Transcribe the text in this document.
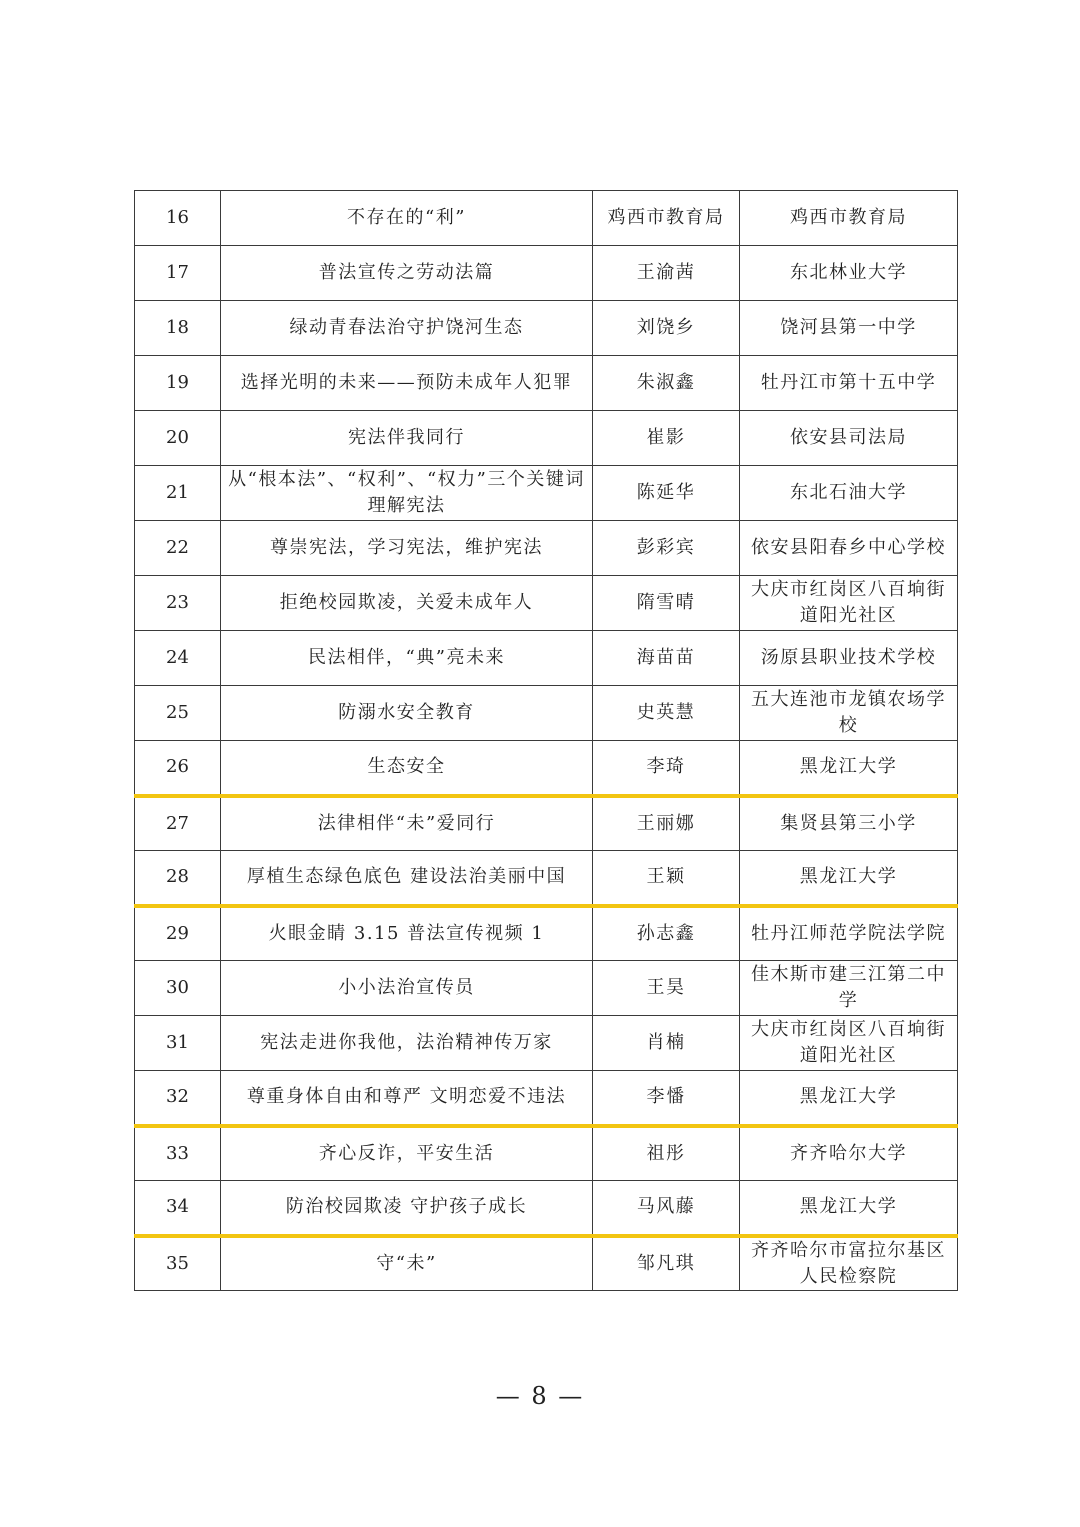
16	不存在的“利”	鸡西市教育局	鸡西市教育局
17	普法宣传之劳动法篇	王渝茜	东北林业大学
18	绿动青春法治守护饶河生态	刘饶乡	饶河县第一中学
19	选择光明的未来——预防未成年人犯罪	朱淑鑫	牡丹江市第十五中学
20	宪法伴我同行	崔影	依安县司法局
21	从“根本法”、“权利”、“权力”三个关键词理解宪法	陈延华	东北石油大学
22	尊崇宪法，学习宪法，维护宪法	彭彩宾	依安县阳春乡中心学校
23	拒绝校园欺凌，关爱未成年人	隋雪晴	大庆市红岗区八百垧街道阳光社区
24	民法相伴，“典”亮未来	海苗苗	汤原县职业技术学校
25	防溺水安全教育	史英慧	五大连池市龙镇农场学校
26	生态安全	李琦	黑龙江大学
27	法律相伴“未”爱同行	王丽娜	集贤县第三小学
28	厚植生态绿色底色 建设法治美丽中国	王颖	黑龙江大学
29	火眼金睛 3.15 普法宣传视频 1	孙志鑫	牡丹江师范学院法学院
30	小小法治宣传员	王昊	佳木斯市建三江第二中学
31	宪法走进你我他，法治精神传万家	肖楠	大庆市红岗区八百垧街道阳光社区
32	尊重身体自由和尊严 文明恋爱不违法	李憣	黑龙江大学
33	齐心反诈，平安生活	祖彤	齐齐哈尔大学
34	防治校园欺凌 守护孩子成长	马风藤	黑龙江大学
35	守“未”	邹凡琪	齐齐哈尔市富拉尔基区人民检察院
— 8 —
